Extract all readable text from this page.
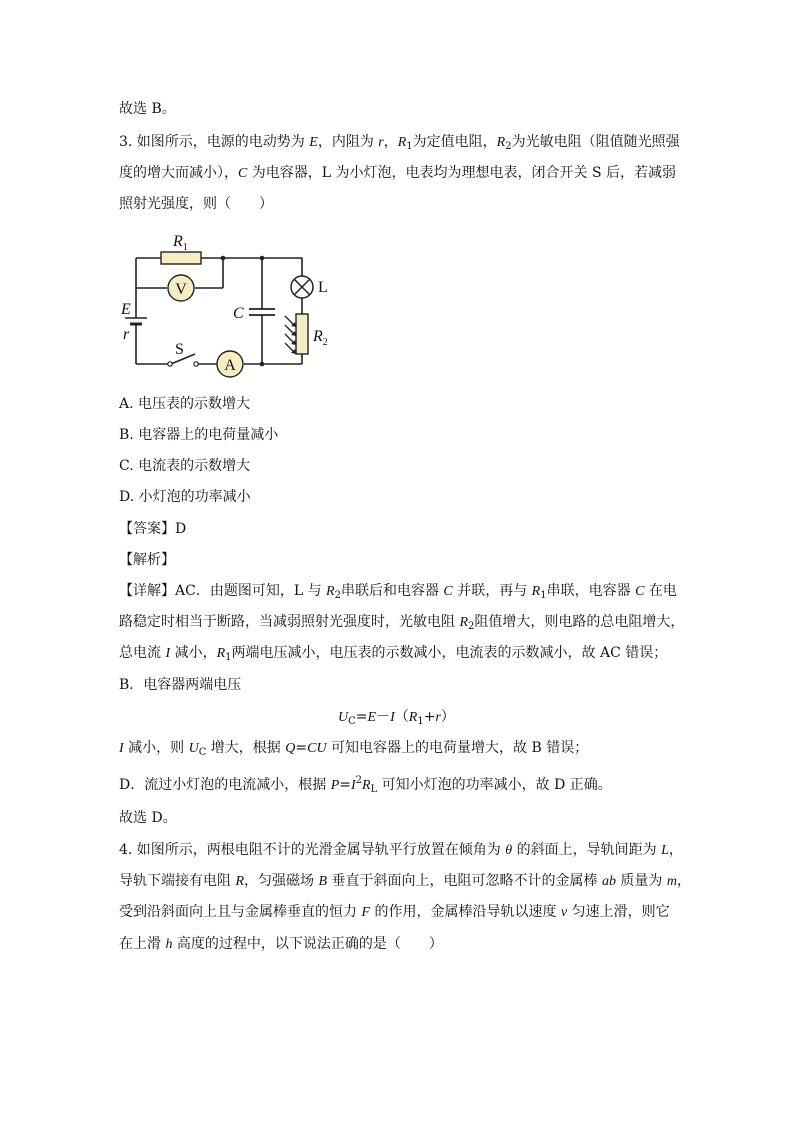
故选 B。
3. 如图所示，电源的电动势为 E，内阻为 r，$R_1$为定值电阻，$R_2$为光敏电阻（阻值随光照强
度的增大而减小），C 为电容器，L 为小灯泡，电表均为理想电表，闭合开关 S 后，若减弱
照射光强度，则（　　）
V
A
$R_1$
L
C
E
r
S
$R_2$
A. 电压表的示数增大
B. 电容器上的电荷量减小
C. 电流表的示数增大
D. 小灯泡的功率减小
【答案】D
【解析】
【详解】AC．由题图可知，L 与 $R_2$串联后和电容器 C 并联，再与 $R_1$串联，电容器 C 在电
路稳定时相当于断路，当减弱照射光强度时，光敏电阻 $R_2$阻值增大，则电路的总电阻增大，
总电流 I 减小，$R_1$两端电压减小，电压表的示数减小，电流表的示数减小，故 AC 错误；
B．电容器两端电压
$U_C=E-I(R_1+r)$
I 减小，则 $U_C$ 增大，根据 Q=CU 可知电容器上的电荷量增大，故 B 错误；
D．流过小灯泡的电流减小，根据 $P=I^2R_L$ 可知小灯泡的功率减小，故 D 正确。
故选 D。
4. 如图所示，两根电阻不计的光滑金属导轨平行放置在倾角为 θ 的斜面上，导轨间距为 L，
导轨下端接有电阻 R，匀强磁场 B 垂直于斜面向上，电阻可忽略不计的金属棒 ab 质量为 m，
受到沿斜面向上且与金属棒垂直的恒力 F 的作用，金属棒沿导轨以速度 v 匀速上滑，则它
在上滑 h 高度的过程中，以下说法正确的是（　　）
